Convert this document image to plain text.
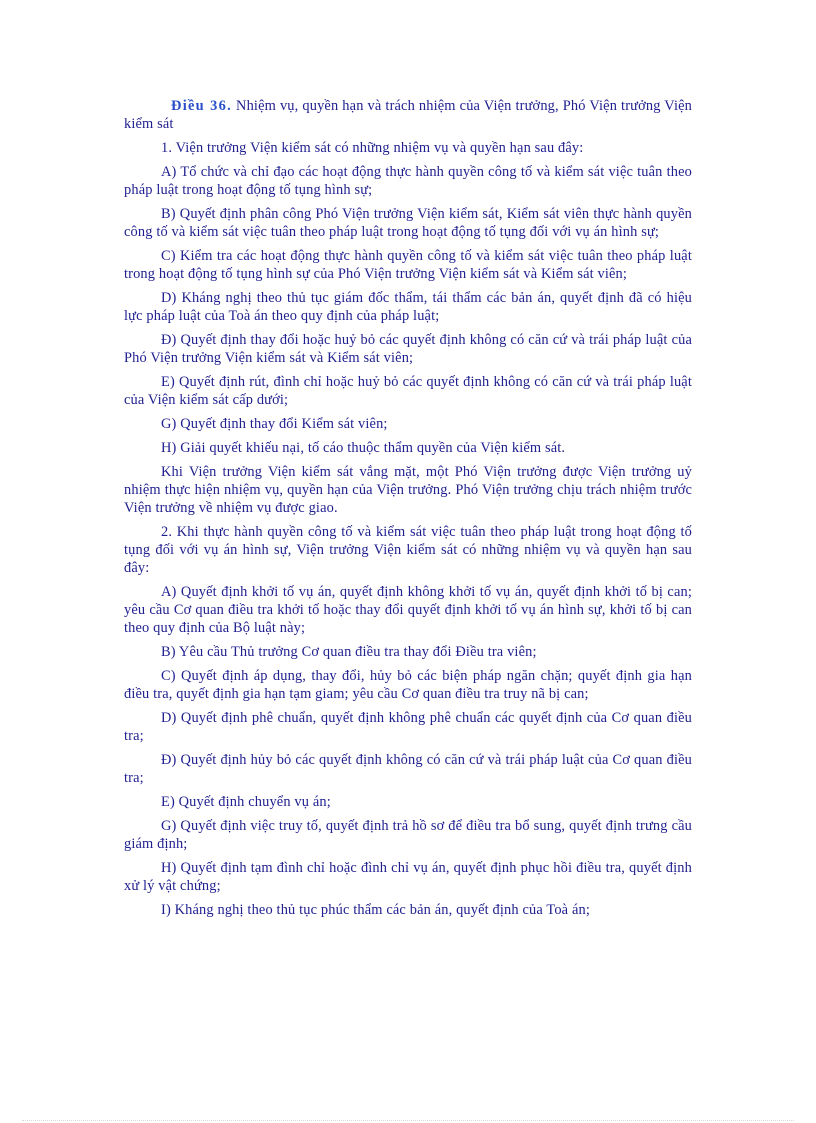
Điều 36. Nhiệm vụ, quyền hạn và trách nhiệm của Viện trưởng, Phó Viện trưởng Viện kiểm sát

1. Viện trưởng Viện kiểm sát có những nhiệm vụ và quyền hạn sau đây:

A) Tổ chức và chỉ đạo các hoạt động thực hành quyền công tố và kiểm sát việc tuân theo pháp luật trong hoạt động tố tụng hình sự;

B) Quyết định phân công Phó Viện trưởng Viện kiểm sát, Kiểm sát viên thực hành quyền công tố và kiểm sát việc tuân theo pháp luật trong hoạt động tố tụng đối với vụ án hình sự;

C) Kiểm tra các hoạt động thực hành quyền công tố và kiểm sát việc tuân theo pháp luật trong hoạt động tố tụng hình sự của Phó Viện trưởng Viện kiểm sát và Kiểm sát viên;

D) Kháng nghị theo thủ tục giám đốc thẩm, tái thẩm các bản án, quyết định đã có hiệu lực pháp luật của Toà án theo quy định của pháp luật;

Đ) Quyết định thay đổi hoặc huỷ bỏ các quyết định không có căn cứ và trái pháp luật của Phó Viện trưởng Viện kiểm sát và Kiểm sát viên;

E) Quyết định rút, đình chỉ hoặc huỷ bỏ các quyết định không có căn cứ và trái pháp luật của Viện kiểm sát cấp dưới;

G) Quyết định thay đổi Kiểm sát viên;

H) Giải quyết khiếu nại, tố cáo thuộc thẩm quyền của Viện kiểm sát.

Khi Viện trưởng Viện kiểm sát vắng mặt, một Phó Viện trưởng được Viện trưởng uỷ nhiệm thực hiện nhiệm vụ, quyền hạn của Viện trưởng. Phó Viện trưởng chịu trách nhiệm trước Viện trưởng về nhiệm vụ được giao.

2. Khi thực hành quyền công tố và kiểm sát việc tuân theo pháp luật trong hoạt động tố tụng đối với vụ án hình sự, Viện trưởng Viện kiểm sát có những nhiệm vụ và quyền hạn sau đây:

A) Quyết định khởi tố vụ án, quyết định không khởi tố vụ án, quyết định khởi tố bị can; yêu cầu Cơ quan điều tra khởi tố hoặc thay đổi quyết định khởi tố vụ án hình sự, khởi tố bị can theo quy định của Bộ luật này;

B) Yêu cầu Thủ trưởng Cơ quan điều tra thay đổi Điều tra viên;

C) Quyết định áp dụng, thay đổi, hủy bỏ các biện pháp ngăn chặn; quyết định gia hạn điều tra, quyết định gia hạn tạm giam; yêu cầu Cơ quan điều tra truy nã bị can;

D) Quyết định phê chuẩn, quyết định không phê chuẩn các quyết định của Cơ quan điều tra;

Đ) Quyết định hủy bỏ các quyết định không có căn cứ và trái pháp luật của Cơ quan điều tra;

E) Quyết định chuyển vụ án;

G) Quyết định việc truy tố, quyết định trả hồ sơ để điều tra bổ sung, quyết định trưng cầu giám định;

H) Quyết định tạm đình chỉ hoặc đình chỉ vụ án, quyết định phục hồi điều tra, quyết định xử lý vật chứng;

I) Kháng nghị theo thủ tục phúc thẩm các bản án, quyết định của Toà án;
